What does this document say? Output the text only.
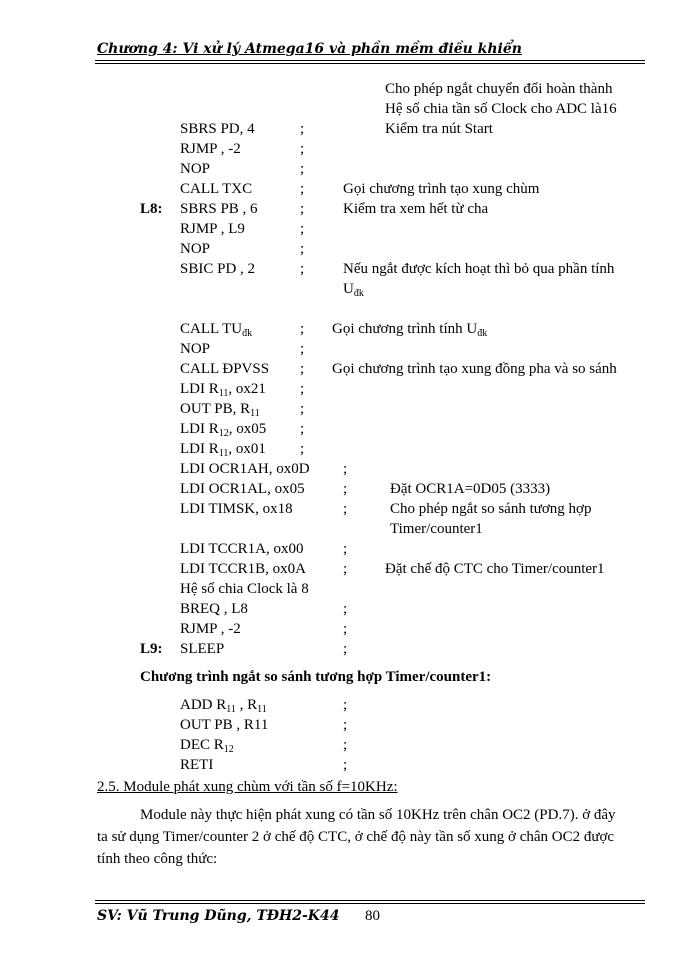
Chương 4: Vi xử lý Atmega16 và phần mềm điều khiển
Cho phép ngắt chuyển đổi hoàn thành
Hệ số chia tần số Clock cho ADC là16
SBRS PD, 4	;	Kiểm tra nút Start
RJMP , -2	;
NOP	;
CALL TXC	;	Gọi chương trình tạo xung chùm
L8: SBRS PB , 6	;	Kiểm tra xem hết từ cha
RJMP , L9	;
NOP	;
SBIC PD , 2	;	Nếu ngắt được kích hoạt thì bỏ qua phần tính
$U_{đk}$
CALL $TU_{đk}$	; Gọi chương trình tính $U_{đk}$
NOP	;
CALL ĐPVSS ; Gọi chương trình tạo xung đồng pha và so sánh
LDI $R_{11}$, ox21 ;
OUT PB, $R_{11}$	;
LDI $R_{12}$, ox05 ;
LDI $R_{11}$, ox01 ;
LDI OCR1AH, ox0D ;
LDI OCR1AL, ox05	;	Đặt OCR1A=0D05 (3333)
LDI TIMSK, ox18	;	Cho phép ngắt so sánh tương hợp
Timer/counter1
LDI TCCR1A, ox00	;
LDI TCCR1B, ox0A ;	Đặt chế độ CTC cho Timer/counter1
Hệ số chia Clock là 8
BREQ , L8	;
RJMP , -2	;
L9: SLEEP	;
Chương trình ngắt so sánh tương hợp Timer/counter1:
ADD $R_{11}$ , $R_{11}$	;
OUT PB , R11	;
DEC $R_{12}$	;
RETI	;
2.5. Module phát xung chùm với tần số f=10KHz:
Module này thực hiện phát xung có tần số 10KHz trên chân OC2 (PD.7). ở đây
ta sử dụng Timer/counter 2 ở chế độ CTC, ở chế độ này tần số xung ở chân OC2 được
tính theo công thức:
SV: Vũ Trung Dũng, TĐH2-K44 80
